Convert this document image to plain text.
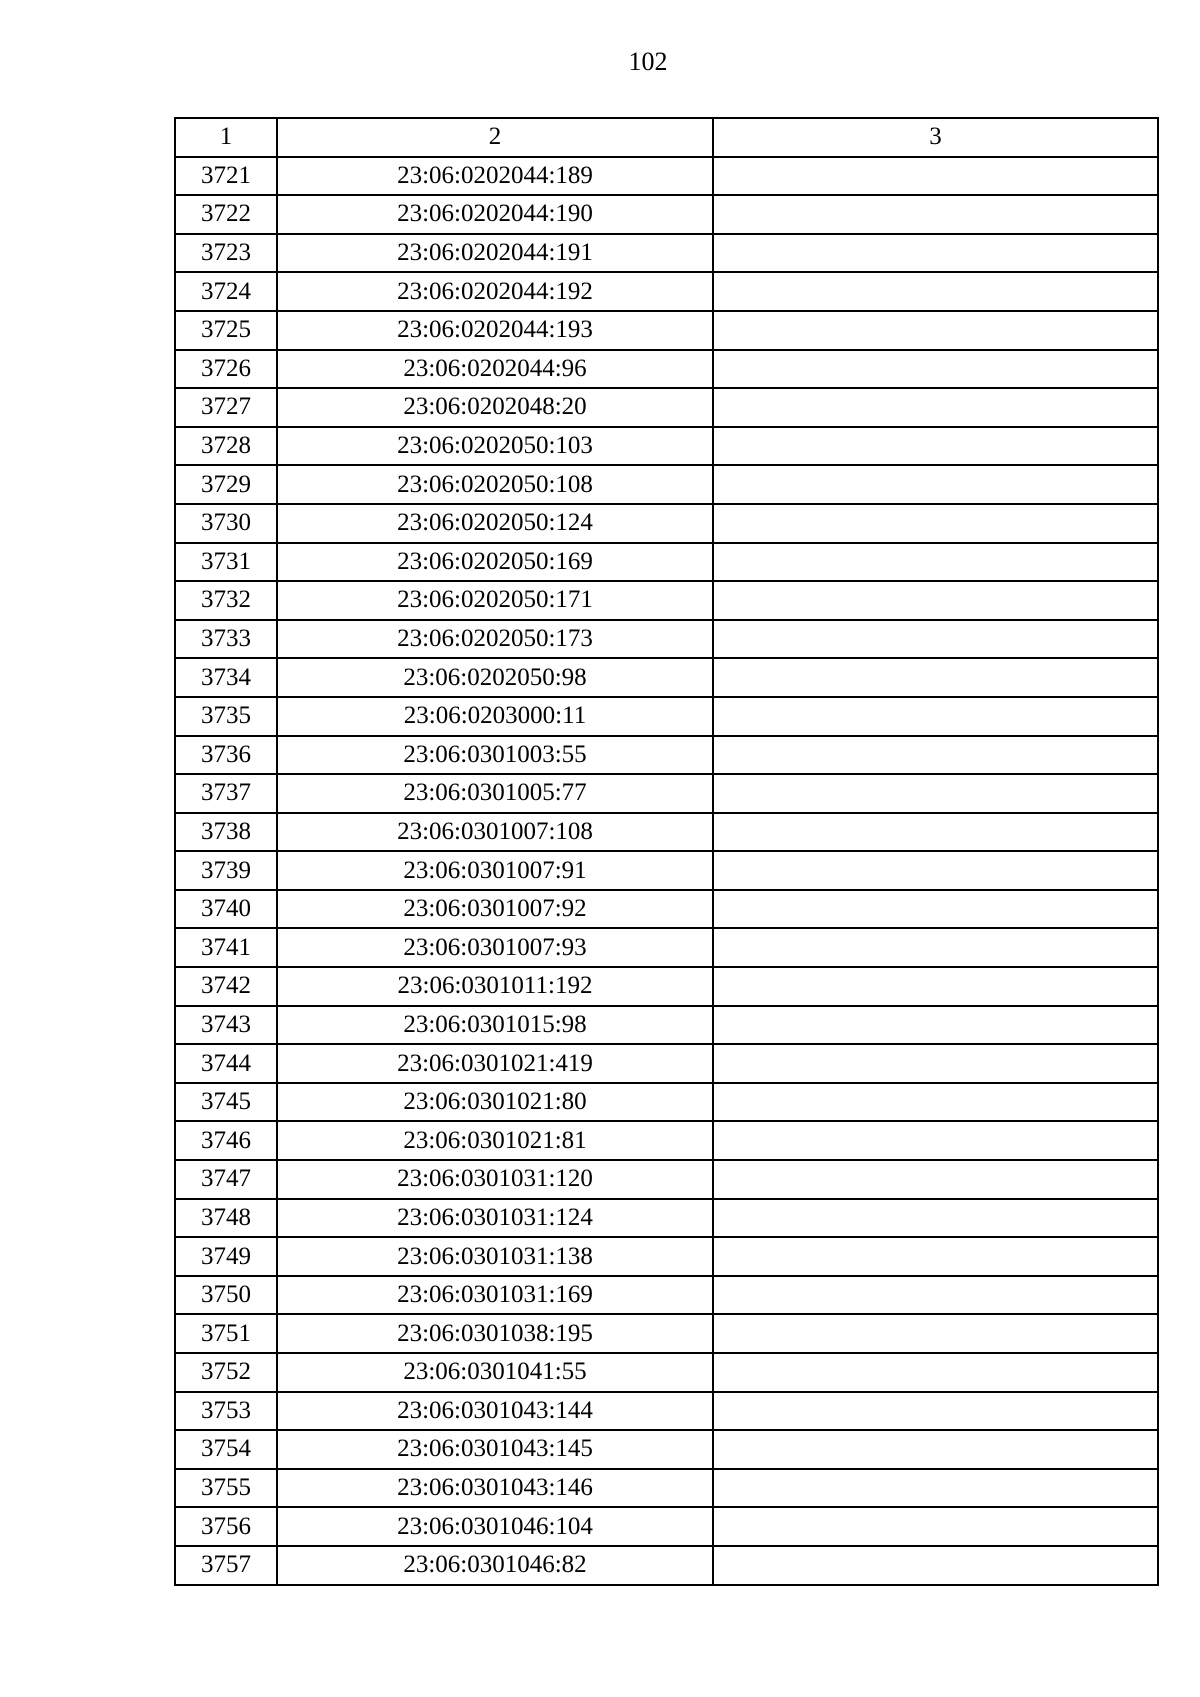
102
1	2	3
3721	23:06:0202044:189	
3722	23:06:0202044:190	
3723	23:06:0202044:191	
3724	23:06:0202044:192	
3725	23:06:0202044:193	
3726	23:06:0202044:96	
3727	23:06:0202048:20	
3728	23:06:0202050:103	
3729	23:06:0202050:108	
3730	23:06:0202050:124	
3731	23:06:0202050:169	
3732	23:06:0202050:171	
3733	23:06:0202050:173	
3734	23:06:0202050:98	
3735	23:06:0203000:11	
3736	23:06:0301003:55	
3737	23:06:0301005:77	
3738	23:06:0301007:108	
3739	23:06:0301007:91	
3740	23:06:0301007:92	
3741	23:06:0301007:93	
3742	23:06:0301011:192	
3743	23:06:0301015:98	
3744	23:06:0301021:419	
3745	23:06:0301021:80	
3746	23:06:0301021:81	
3747	23:06:0301031:120	
3748	23:06:0301031:124	
3749	23:06:0301031:138	
3750	23:06:0301031:169	
3751	23:06:0301038:195	
3752	23:06:0301041:55	
3753	23:06:0301043:144	
3754	23:06:0301043:145	
3755	23:06:0301043:146	
3756	23:06:0301046:104	
3757	23:06:0301046:82	
